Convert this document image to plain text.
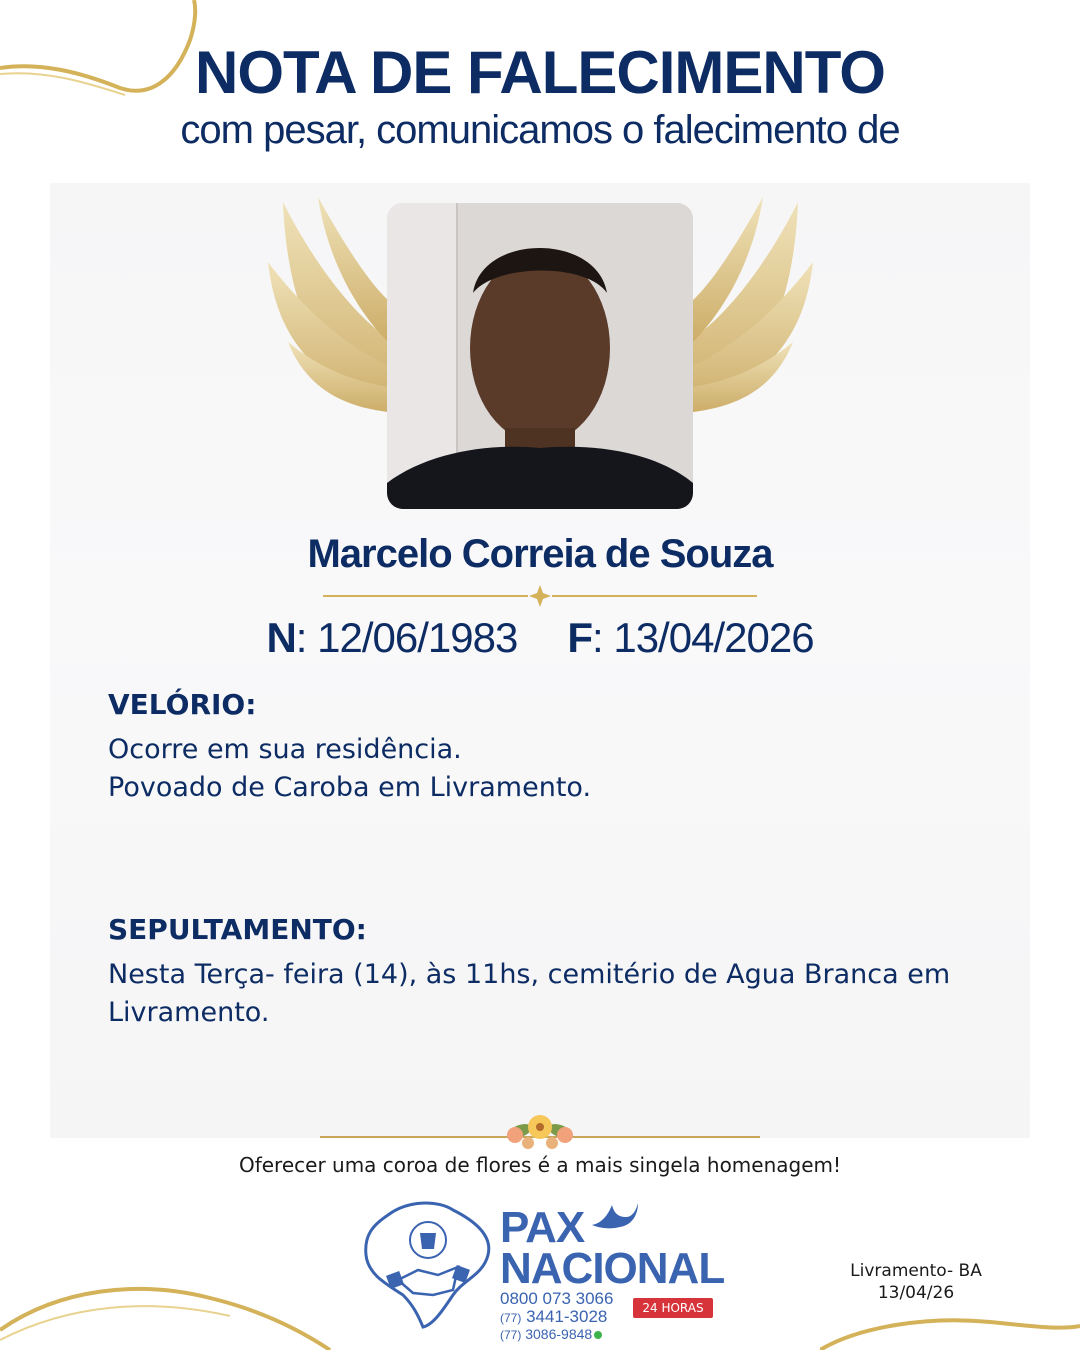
NOTA DE FALECIMENTO
com pesar, comunicamos o falecimento de
Marcelo Correia de Souza
N: 12/06/1983 F: 13/04/2026
VELÓRIO:
Ocorre em sua residência.
Povoado de Caroba em Livramento.
SEPULTAMENTO:
Nesta Terça- feira (14), às 11hs, cemitério de Agua Branca em
Livramento.
Oferecer uma coroa de flores é a mais singela homenagem!
PAX
NACIONAL
0800 073 3066
(77) 3441-3028
(77) 3086-9848
24 HORAS
Livramento- BA
13/04/26
